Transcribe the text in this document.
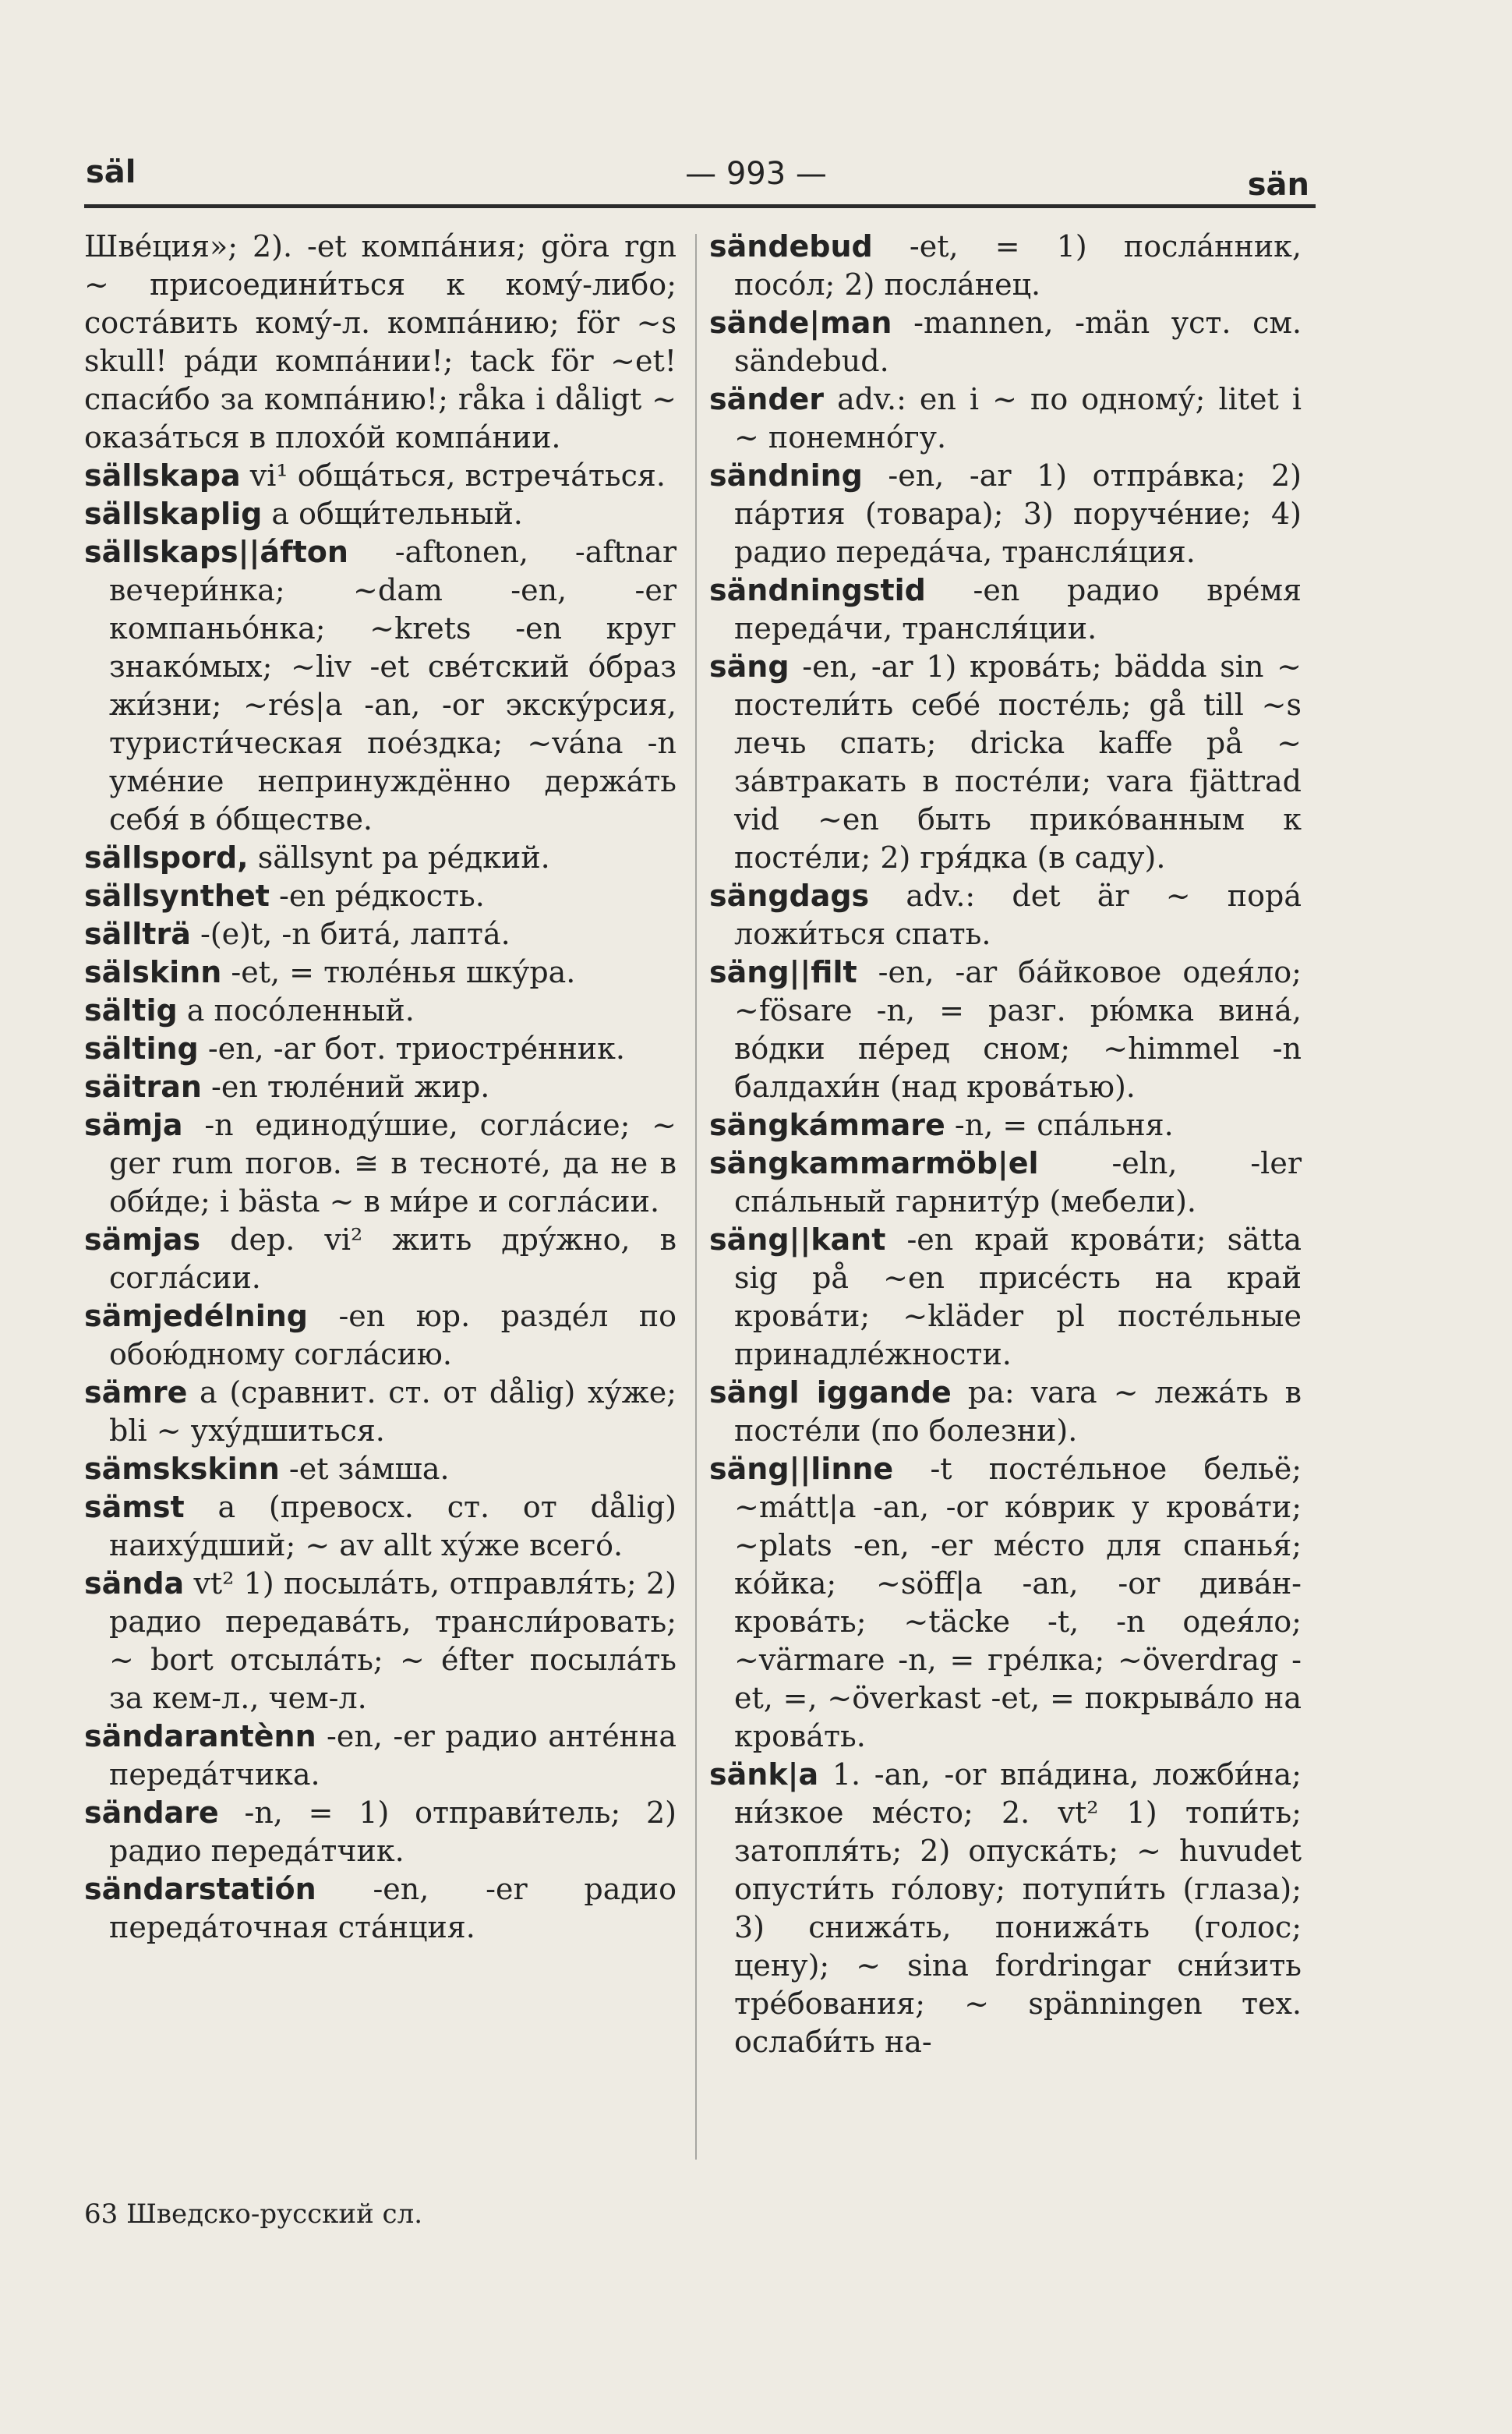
säl	— 993 —	sän

Шве́ция»; 2). -et компа́ния; göra rgn ~ присоедини́ться к кому́-либо; соста́вить кому́-л. компа́нию; för ~s skull! ра́ди компа́нии!; tack för ~et! спаси́бо за компа́нию!; råka i dåligt ~ оказа́ться в плохо́й компа́нии.

sällskapa vi¹ обща́ться, встреча́ться.

sällskaplig a общи́тельный.

sällskaps||áfton -aftonen, -aftnar вечери́нка; ~dam -en, -er компаньо́нка; ~krets -en круг знако́мых; ~liv -et све́тский о́браз жи́зни; ~rés|a -an, -or экску́рсия, туристи́ческая пое́здка; ~vána -n уме́ние непринуждённо держа́ть себя́ в о́бществе.

sällspord, sällsynt pa ре́дкий.

sällsynthet -en ре́дкость.

sällträ -(e)t, -n бита́, лапта́.

sälskinn -et, = тюле́нья шку́ра.

sältig a посо́ленный.

sälting -en, -ar бот. триостре́нник.

säitran -en тюле́ний жир.

sämja -n единоду́шие, согла́сие; ~ ger rum погов. ≅ в тесноте́, да не в оби́де; i bästa ~ в ми́ре и согла́сии.

sämjas dep. vi² жить дру́жно, в согла́сии.

sämjedélning -en юр. разде́л по обою́дному согла́сию.

sämre a (сравнит. ст. от dålig) ху́же; bli ~ уху́дшиться.

sämskskinn -et за́мша.

sämst a (превосх. ст. от dålig) наиху́дший; ~ av allt ху́же всего́.

sända vt² 1) посыла́ть, отправля́ть; 2) радио передава́ть, трансли́ровать; ~ bort отсыла́ть; ~ éfter посыла́ть за кем-л., чем-л.

sändarantènn -en, -er радио анте́нна переда́тчика.

sändare -n, = 1) отправи́тель; 2) радио переда́тчик.

sändarstatión -en, -er радио переда́точная ста́нция.

sändebud -et, = 1) посла́нник, посо́л; 2) посла́нец.

sände|man -mannen, -män уст. см. sändebud.

sänder adv.: en i ~ по одному́; litet i ~ понемно́гу.

sändning -en, -ar 1) отпра́вка; 2) па́ртия (товара); 3) поруче́ние; 4) радио переда́ча, трансля́ция.

sändningstid -en радио вре́мя переда́чи, трансля́ции.

säng -en, -ar 1) крова́ть; bädda sin ~ постели́ть себе́ посте́ль; gå till ~s лечь спать; dricka kaffe på ~ за́втракать в посте́ли; vara fjättrad vid ~en быть прико́ванным к посте́ли; 2) гря́дка (в саду).

sängdags adv.: det är ~ пора́ ложи́ться спать.

säng||filt -en, -ar ба́йковое одея́ло; ~fösare -n, = разг. рю́мка вина́, во́дки пе́ред сном; ~himmel -n балдахи́н (над крова́тью).

sängkámmare -n, = спа́льня.

sängkammarmöb|el -eln, -ler спа́льный гарниту́р (мебели).

säng||kant -en край крова́ти; sätta sig på ~en присе́сть на край крова́ти; ~kläder pl посте́льные принадле́жности.

sängl iggande pa: vara ~ лежа́ть в посте́ли (по болезни).

säng||linne -t посте́льное бельё; ~mátt|a -an, -or ко́врик у крова́ти; ~plats -en, -er ме́сто для спанья́; ко́йка; ~söff|a -an, -or дива́н-крова́ть; ~täcke -t, -n одея́ло; ~värmare -n, = гре́лка; ~överdrag -et, =, ~överkast -et, = покрыва́ло на крова́ть.

sänk|a 1. -an, -or впа́дина, ложби́на; ни́зкое ме́сто; 2. vt² 1) топи́ть; затопля́ть; 2) опуска́ть; ~ huvudet опусти́ть го́лову; потупи́ть (глаза); 3) снижа́ть, понижа́ть (голос; цену); ~ sina fordringar сни́зить тре́бования; ~ spänningen тех. ослаби́ть на-

63 Шведско-русский сл.
